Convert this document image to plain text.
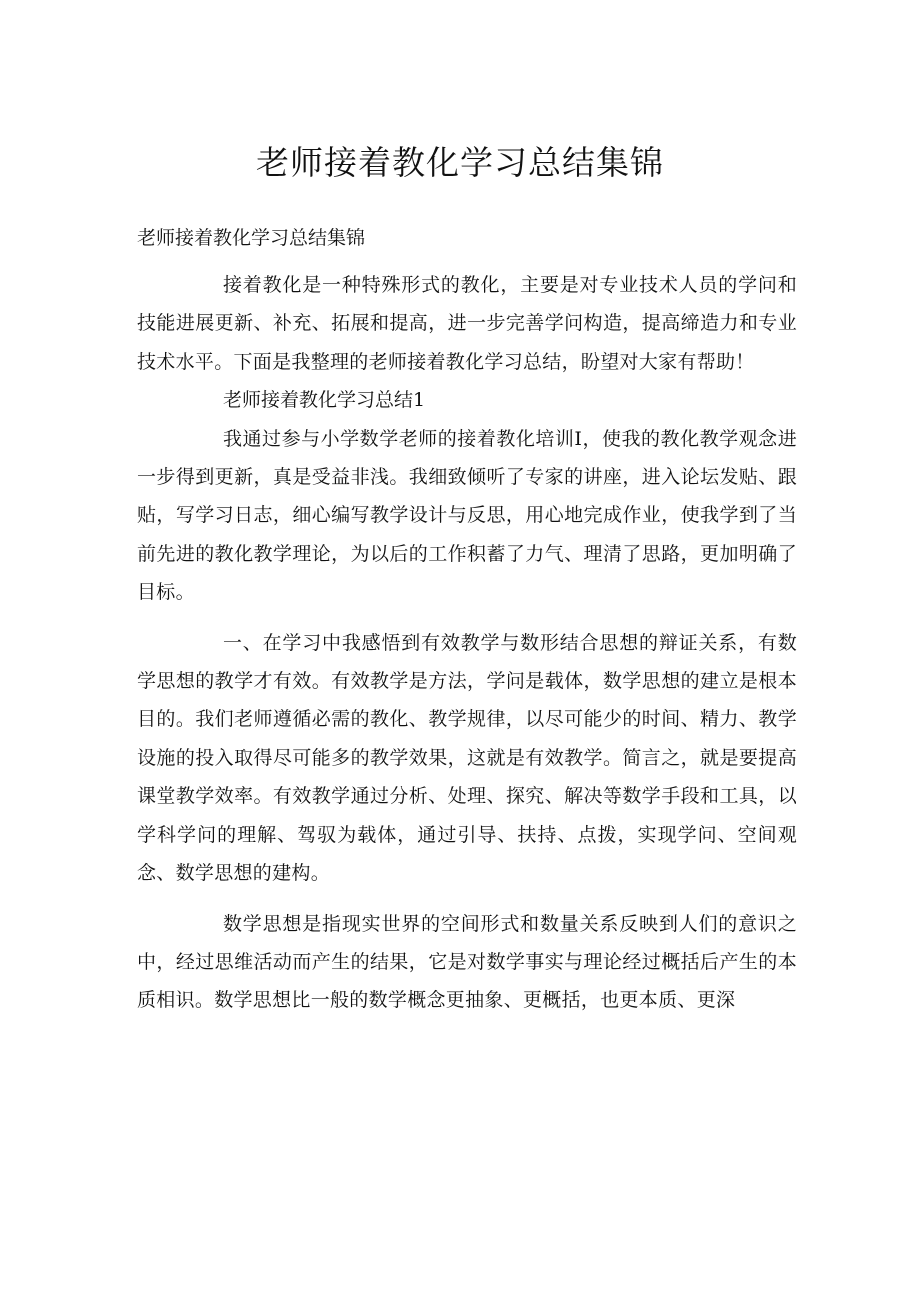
老师接着教化学习总结集锦

老师接着教化学习总结集锦

接着教化是一种特殊形式的教化，主要是对专业技术人员的学问和技能进展更新、补充、拓展和提高，进一步完善学问构造，提高缔造力和专业技术水平。下面是我整理的老师接着教化学习总结，盼望对大家有帮助！

老师接着教化学习总结1

我通过参与小学数学老师的接着教化培训I，使我的教化教学观念进一步得到更新，真是受益非浅。我细致倾听了专家的讲座，进入论坛发贴、跟贴，写学习日志，细心编写教学设计与反思，用心地完成作业，使我学到了当前先进的教化教学理论，为以后的工作积蓄了力气、理清了思路，更加明确了目标。

一、在学习中我感悟到有效教学与数形结合思想的辩证关系，有数学思想的教学才有效。有效教学是方法，学问是载体，数学思想的建立是根本目的。我们老师遵循必需的教化、教学规律，以尽可能少的时间、精力、教学设施的投入取得尽可能多的教学效果，这就是有效教学。简言之，就是要提高课堂教学效率。有效教学通过分析、处理、探究、解决等数学手段和工具，以学科学问的理解、驾驭为载体，通过引导、扶持、点拨，实现学问、空间观念、数学思想的建构。

数学思想是指现实世界的空间形式和数量关系反映到人们的意识之中，经过思维活动而产生的结果，它是对数学事实与理论经过概括后产生的本质相识。数学思想比一般的数学概念更抽象、更概括，也更本质、更深
